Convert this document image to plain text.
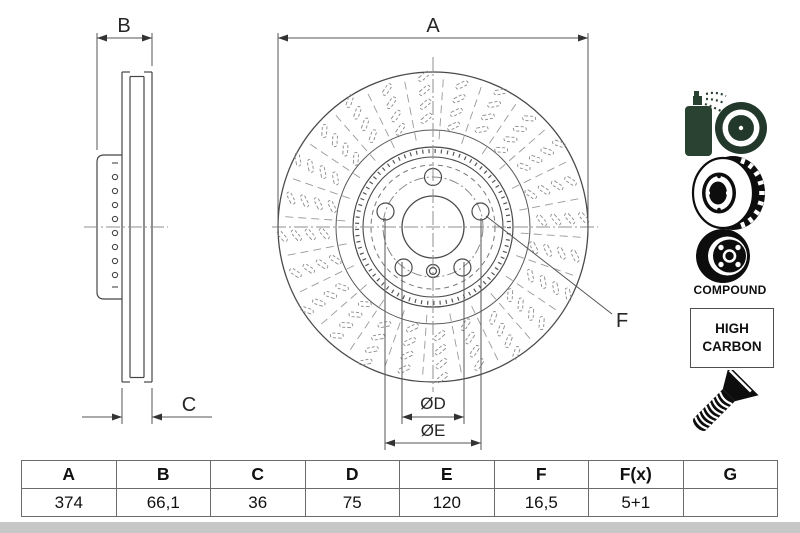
A
B
C
F
ØD
ØE
COMPOUND
HIGH
CARBON
A	B	C	D	E	F	F(x)	G
374	66,1	36	75	120	16,5	5+1	
